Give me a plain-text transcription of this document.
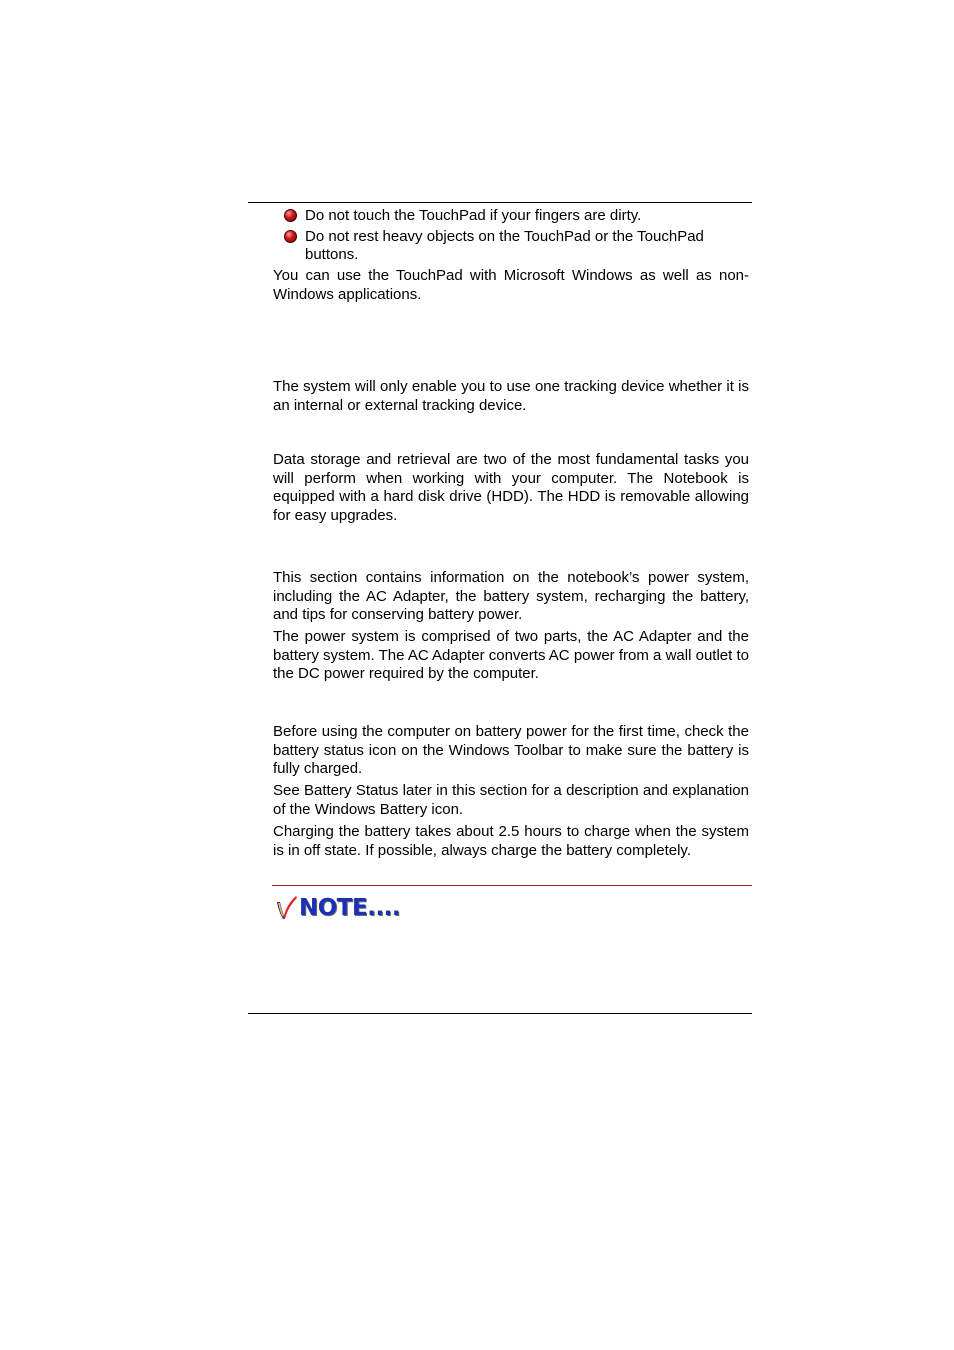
Do not touch the TouchPad if your fingers are dirty.
Do not rest heavy objects on the TouchPad or the TouchPad buttons.

You can use the TouchPad with Microsoft Windows as well as non-Windows applications.

The system will only enable you to use one tracking device whether it is an internal or external tracking device.

Data storage and retrieval are two of the most fundamental tasks you will perform when working with your computer. The Notebook is equipped with a hard disk drive (HDD). The HDD is removable allowing for easy upgrades.

This section contains information on the notebook’s power system, including the AC Adapter, the battery system, recharging the battery, and tips for conserving battery power.

The power system is comprised of two parts, the AC Adapter and the battery system. The AC Adapter converts AC power from a wall outlet to the DC power required by the computer.

Before using the computer on battery power for the first time, check the battery status icon on the Windows Toolbar to make sure the battery is fully charged.

See Battery Status later in this section for a description and explanation of the Windows Battery icon.

Charging the battery takes about 2.5 hours to charge when the system is in off state. If possible, always charge the battery completely.

NOTE....
